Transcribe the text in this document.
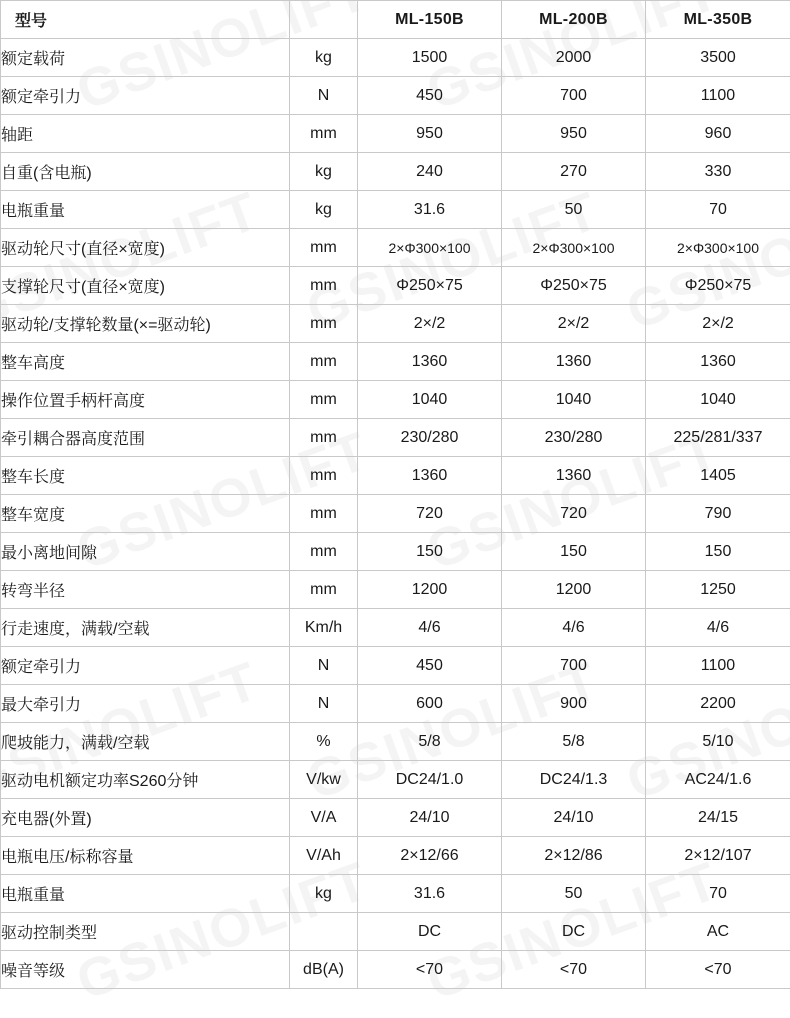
型号		ML-150B	ML-200B	ML-350B
额定载荷	kg	1500	2000	3500
额定牵引力	N	450	700	1100
轴距	mm	950	950	960
自重(含电瓶)	kg	240	270	330
电瓶重量	kg	31.6	50	70
驱动轮尺寸(直径×宽度)	mm	2×Φ300×100	2×Φ300×100	2×Φ300×100
支撑轮尺寸(直径×宽度)	mm	Φ250×75	Φ250×75	Φ250×75
驱动轮/支撑轮数量(×=驱动轮)	mm	2×/2	2×/2	2×/2
整车高度	mm	1360	1360	1360
操作位置手柄杆高度	mm	1040	1040	1040
牵引耦合器高度范围	mm	230/280	230/280	225/281/337
整车长度	mm	1360	1360	1405
整车宽度	mm	720	720	790
最小离地间隙	mm	150	150	150
转弯半径	mm	1200	1200	1250
行走速度，满载/空载	Km/h	4/6	4/6	4/6
额定牵引力	N	450	700	1100
最大牵引力	N	600	900	2200
爬坡能力，满载/空载	%	5/8	5/8	5/10
驱动电机额定功率S260分钟	V/kw	DC24/1.0	DC24/1.3	AC24/1.6
充电器(外置)	V/A	24/10	24/10	24/15
电瓶电压/标称容量	V/Ah	2×12/66	2×12/86	2×12/107
电瓶重量	kg	31.6	50	70
驱动控制类型		DC	DC	AC
噪音等级	dB(A)	<70	<70	<70
